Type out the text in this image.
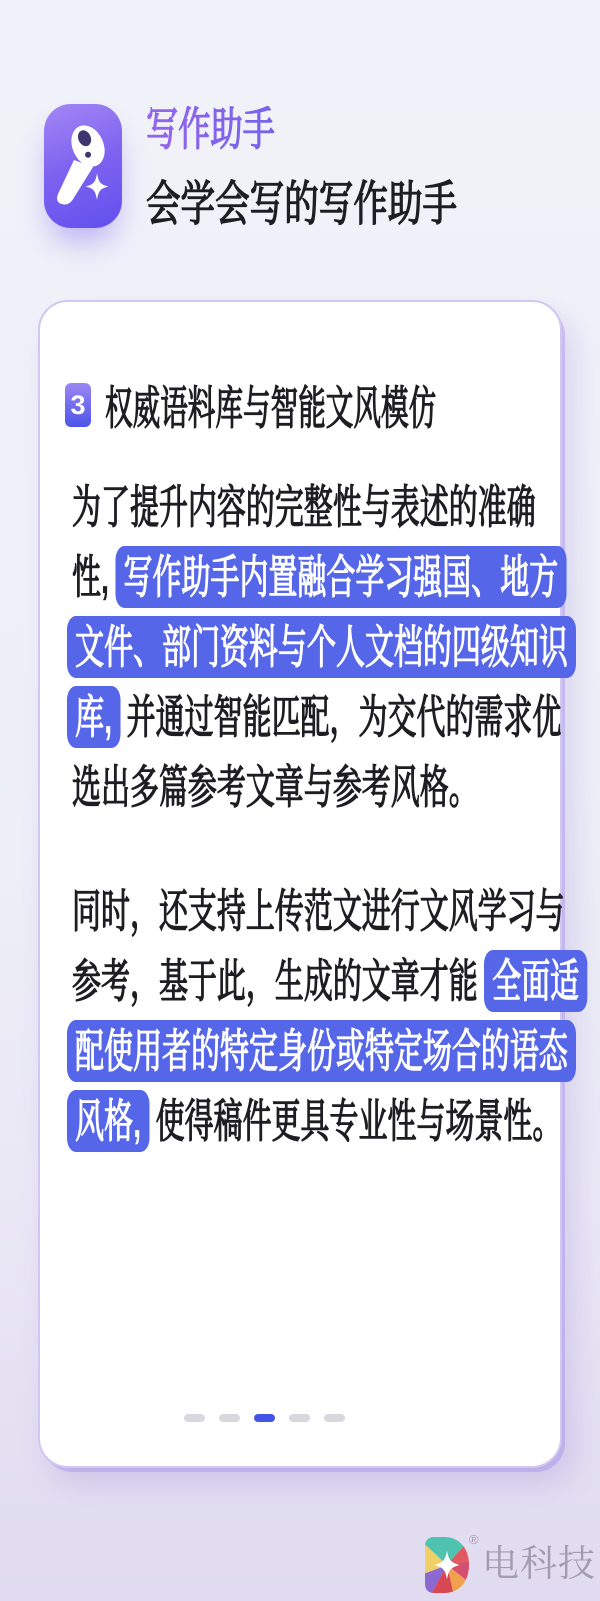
写作助手
会学会写的写作助手
3 权威语料库与智能文风模仿
为了提升内容的完整性与表述的准确
性, 写作助手内置融合学习强国、地方
文件、部门资料与个人文档的四级知识
库, 并通过智能匹配，为交代的需求优
选出多篇参考文章与参考风格。
同时，还支持上传范文进行文风学习与
参考，基于此，生成的文章才能 全面适
配使用者的特定身份或特定场合的语态
风格, 使得稿件更具专业性与场景性。
®
电科技
